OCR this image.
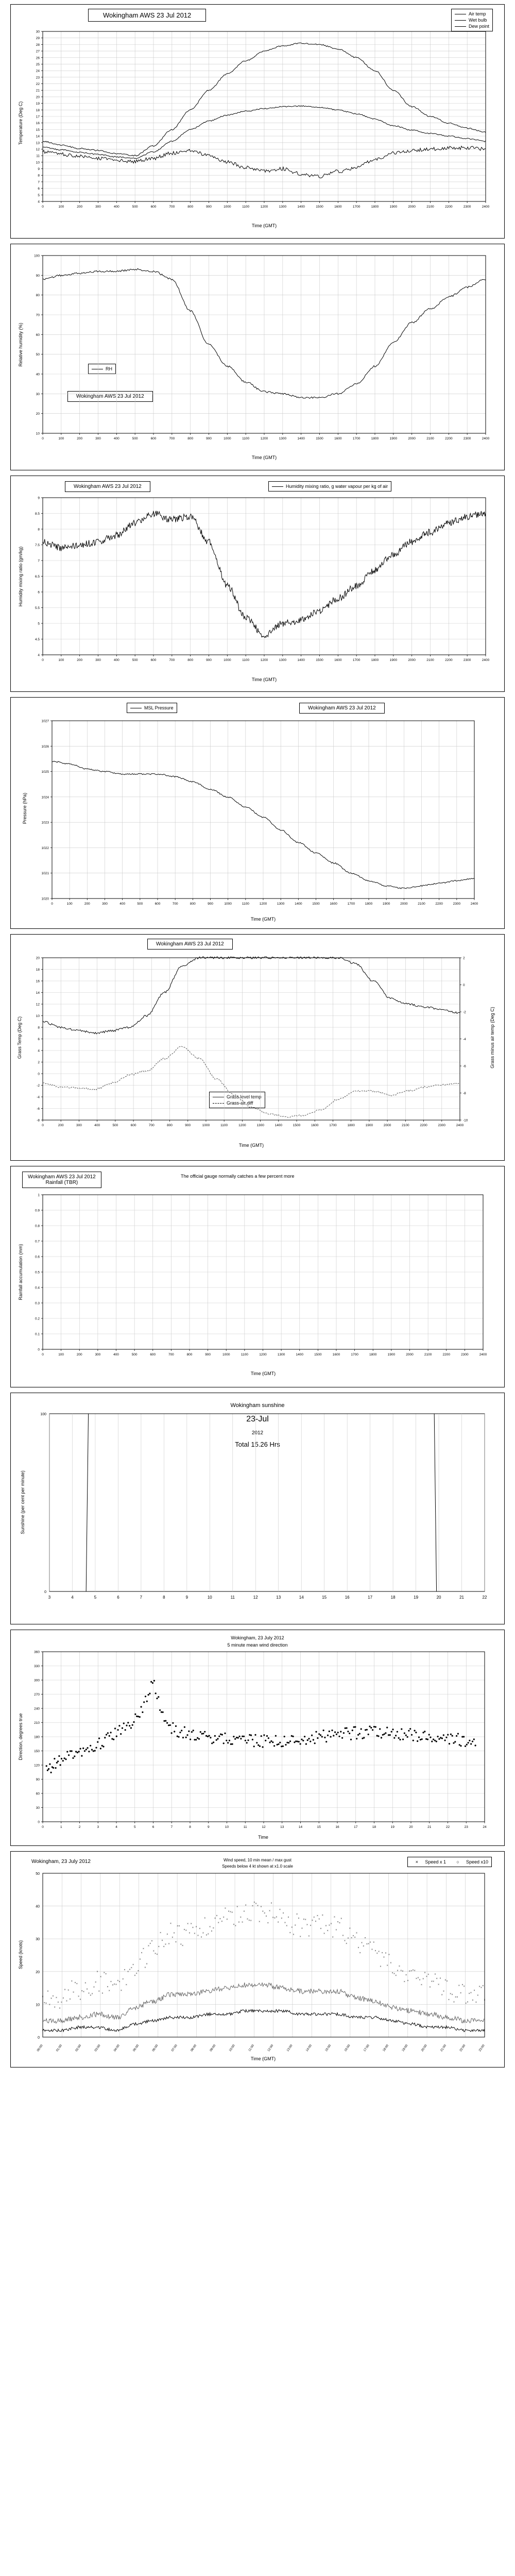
Wokingham AWS 23 Jul 2012	Air temp
Wet bulb
Dew point
0	100	200	300	400	500	600	700	800	900	1000	1100	1200	1300	1400	1500	1600	1700	1800	1900	2000	2100	2200	2300	2400
4
5
6
7
8
9
10
11
12
13
14
15
16
17
18
19
20
21
22
23
24
25
26
27
28
29
30
Temperature (Deg C)
Time (GMT)
RH
Wokingham AWS 23 Jul 2012
0	100	200	300	400	500	600	700	800	900	1000	1100	1200	1300	1400	1500	1600	1700	1800	1900	2000	2100	2200	2300	2400
10
20
30
40
50
60
70
80
90
100
Relative humidity (%)
Time (GMT)
Wokingham AWS 23 Jul 2012	Humidity mixing ratio, g water vapour per kg of air
0	100	200	300	400	500	600	700	800	900	1000	1100	1200	1300	1400	1500	1600	1700	1800	1900	2000	2100	2200	2300	2400
4
4.5
5
5.5
6
6.5
7
7.5
8
8.5
9
Humidity mixing ratio (gm/kg)
Time (GMT)
MSL Pressure	Wokingham AWS 23 Jul 2012
0	100	200	300	400	500	600	700	800	900	1000	1100	1200	1300	1400	1500	1600	1700	1800	1900	2000	2100	2200	2300	2400
1020
1021
1022
1023
1024
1025
1026
1027
Pressure (hPa)
Time (GMT)
Wokingham AWS 23 Jul 2012
Grass level temp
Grass-air diff
0	200	300	400	500	600	700	800	900	1000	1100	1200	1300	1400	1500	1600	1700	1800	1900	2000	2100	2200	2300	2400
-8
-6
-4
-2
0
2
4
6
8
10
12
14
16
18
20	2
0
-2
-4
-6
-8
-10
Grass Temp (Deg C)	Grass minus air temp (Deg C)
Time (GMT)
Wokingham AWS 23 Jul 2012
Rainfall (TBR)
The official gauge normally catches a few percent more
0	100	200	300	400	500	600	700	800	900	1000	1100	1200	1300	1400	1500	1600	1700	1800	1900	2000	2100	2200	2300	2400
0
0.1
0.2
0.3
0.4
0.5
0.6
0.7
0.8
0.9
1
Rainfall accumulation (mm)
Time (GMT)
Wokingham sunshine
23-Jul
2012
Total 15.26 Hrs
3	4	5	6	7	8	9	10	11	12	13	14	15	16	17	18	19	20	21	22
0
100
Sunshine (per cent per minute)
Wokingham, 23 July 2012
5 minute mean wind direction
0	1	2	3	4	5	6	7	8	9	10	11	12	13	14	15	16	17	18	19	20	21	22	23	24
0
30
60
90
120
150
180
210
240
270
300
330
360
Direction, degrees true
Time
Wokingham, 23 July 2012	Wind speed, 10 min mean / max gust
Speeds below 4 kt shown at x1.0 scale
×	Speed x 1	○	Speed x10
×
× ×
×
×
×
×
×
×
×
×
×
×
×
×
×
×
×
×
× ×
×
×
× ×
×
×
×
× ×
×
×
×
×
×
×
× ×
×
×
×
× × ×
× ×
×
×
×
×
×
×
×
×
×
×
×
×
×
×
×
×
×
×
×
×
× ×
×
×
×
×
×
×
×
×
×
×
×
× ×
× ×
× ×
×
×
×
×
×
×
×
×
×
×
×
× ×
×
×
×
×
×
×
×
×
×
×
×
× × ×
× ×
×
×
×
×
×
×
× × ×
×
× ×
×
×
×
×
×
×
×
×
×
× × ×
×
×
×
×
×
×
×
×
×
×
×
×
×
×
×
× ×
×
×
×
×
×
×
×
×
×
×
×
×
×
× ×
×
×
×
× ×
×
×
×
×
×
×
×
×
×
×
×
×
×
×
×
× ×
×
×
×
×
×
×
×
×
×
×
×
×
×
× ×
×
×
×
× ×
×
×
×
× × × ×
× ×
×
×
×
×
×
×
×
× ×
×
×
×
×
×
×
× ×
×
× ×
×
× ×
×
×
× ×
× ×
× ×
×
×
×
×
× ×
×
×
00:00	01:00	02:00	03:00	04:00	05:00	06:00	07:00	08:00	09:00	10:00	11:00	12:00	13:00	14:00	15:00	16:00	17:00	18:00	19:00	20:00	21:00	22:00	23:00
0
10
20
30
40
50
Speed (knots)
Time (GMT)
